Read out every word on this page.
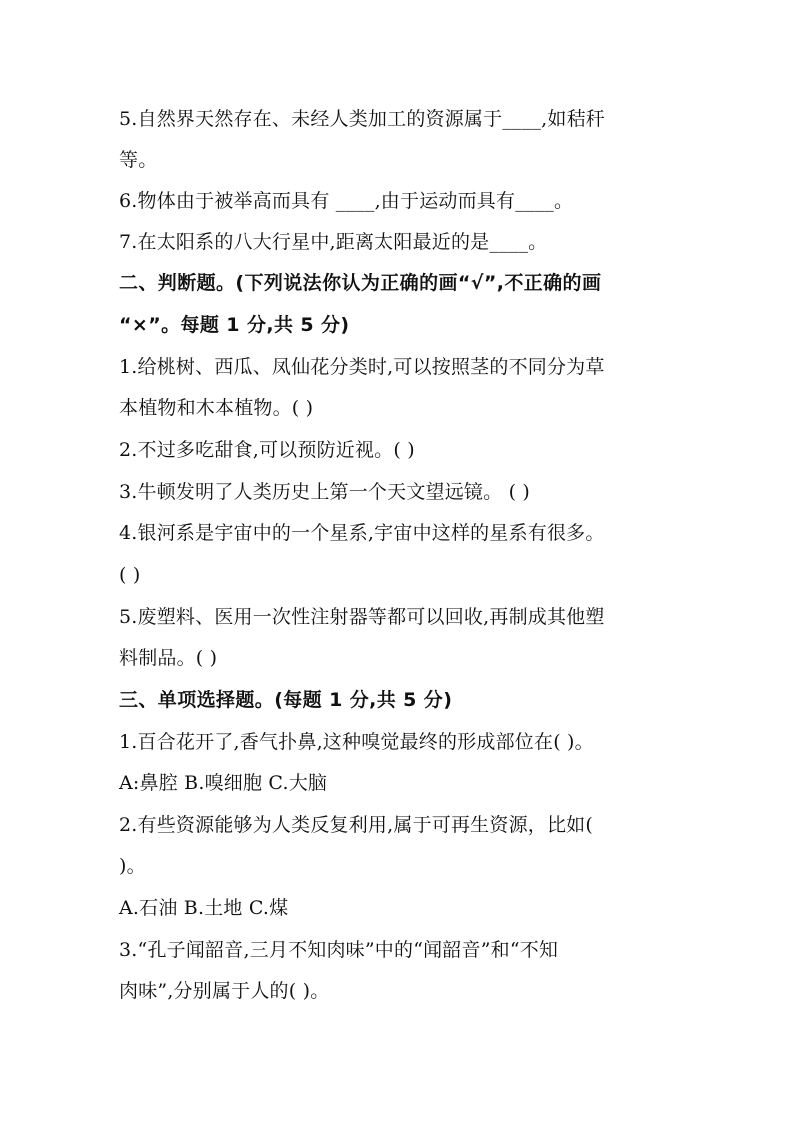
5.自然界天然存在、未经人类加工的资源属于____,如秸秆
等。
6.物体由于被举高而具有 ____,由于运动而具有____。
7.在太阳系的八大行星中,距离太阳最近的是____。
二、判断题。(下列说法你认为正确的画“√”,不正确的画
“×”。每题 1 分,共 5 分)
1.给桃树、西瓜、凤仙花分类时,可以按照茎的不同分为草
本植物和木本植物。( )
2.不过多吃甜食,可以预防近视。( )
3.牛顿发明了人类历史上第一个天文望远镜。 ( )
4.银河系是宇宙中的一个星系,宇宙中这样的星系有很多。
( )
5.废塑料、医用一次性注射器等都可以回收,再制成其他塑
料制品。( )
三、单项选择题。(每题 1 分,共 5 分)
1.百合花开了,香气扑鼻,这种嗅觉最终的形成部位在( )。
A:鼻腔 B.嗅细胞 C.大脑
2.有些资源能够为人类反复利用,属于可再生资源，比如(
)。
A.石油 B.土地 C.煤
3.“孔子闻韶音,三月不知肉味”中的“闻韶音”和“不知
肉味”,分别属于人的( )。
